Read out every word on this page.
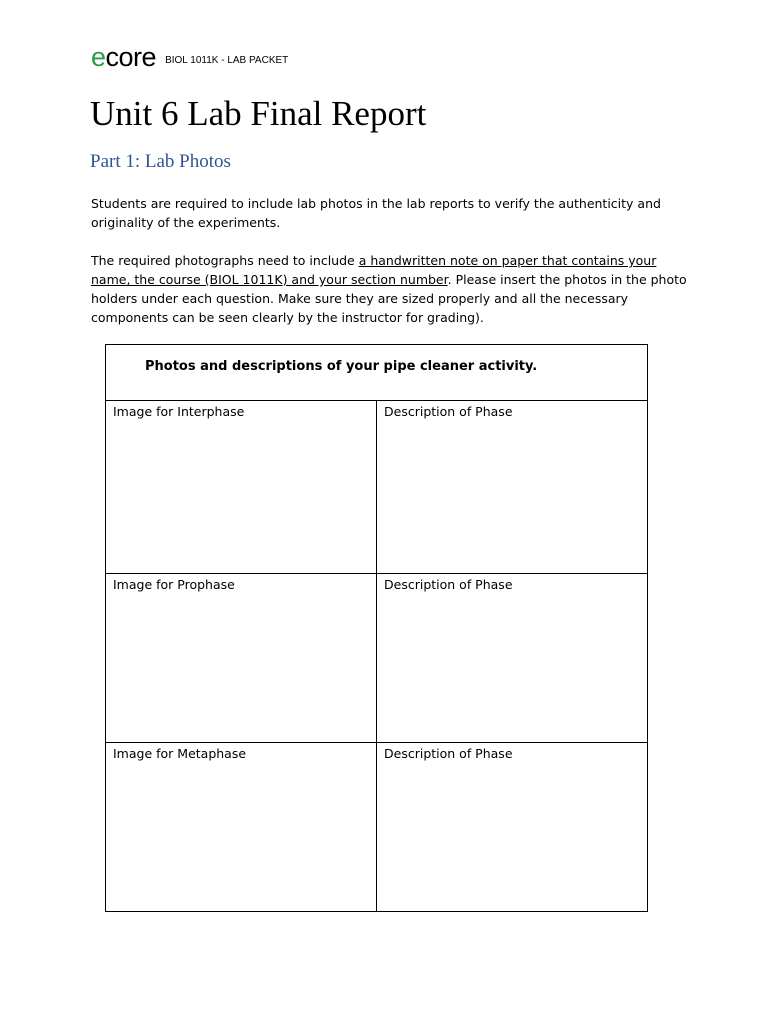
ecore BIOL 1011K - LAB PACKET
Unit 6 Lab Final Report
Part 1: Lab Photos

Students are required to include lab photos in the lab reports to verify the authenticity and originality of the experiments.

The required photographs need to include a handwritten note on paper that contains your name, the course (BIOL 1011K) and your section number. Please insert the photos in the photo holders under each question. Make sure they are sized properly and all the necessary components can be seen clearly by the instructor for grading).

Photos and descriptions of your pipe cleaner activity.	

Image for Interphase	Description of Phase

Image for Prophase	Description of Phase

Image for Metaphase	Description of Phase
